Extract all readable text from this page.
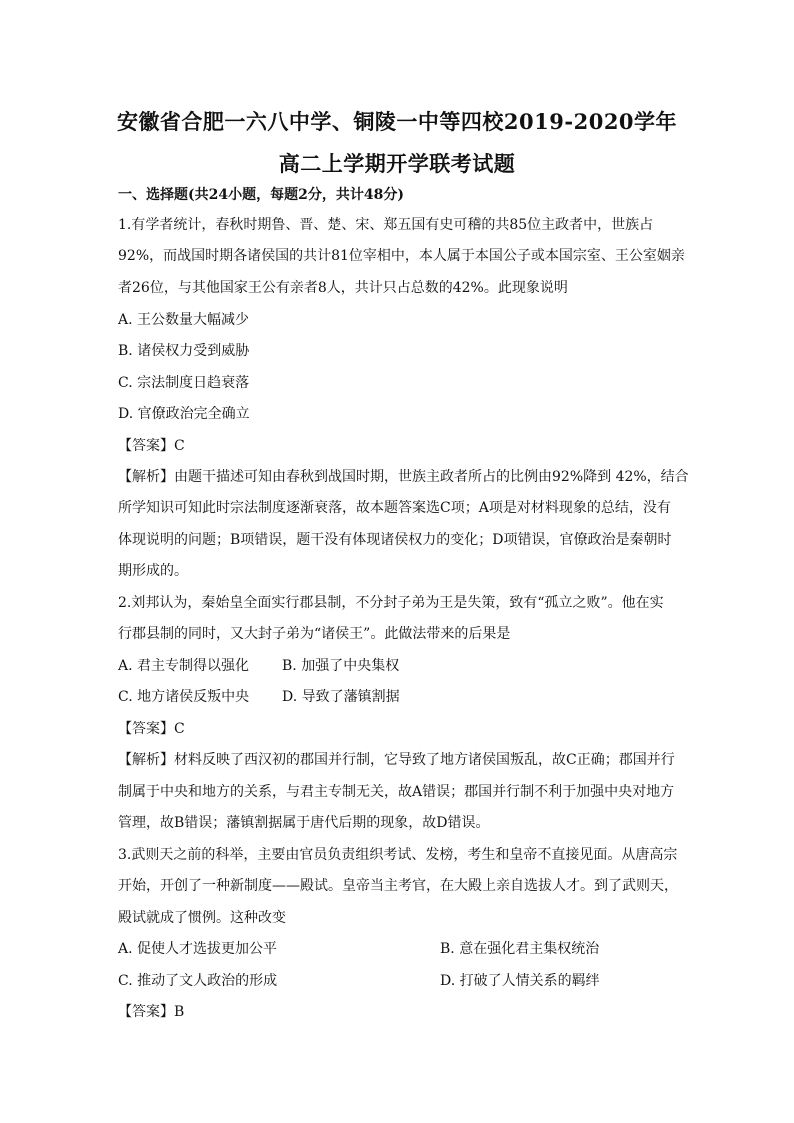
安徽省合肥一六八中学、铜陵一中等四校2019-2020学年
高二上学期开学联考试题
一、选择题(共24小题，每题2分，共计48分)
1.有学者统计，春秋时期鲁、晋、楚、宋、郑五国有史可稽的共85位主政者中，世族占
92%，而战国时期各诸侯国的共计81位宰相中，本人属于本国公子或本国宗室、王公室姻亲
者26位，与其他国家王公有亲者8人，共计只占总数的42%。此现象说明
A. 王公数量大幅减少
B. 诸侯权力受到威胁
C. 宗法制度日趋衰落
D. 官僚政治完全确立
【答案】C
【解析】由题干描述可知由春秋到战国时期，世族主政者所占的比例由92%降到 42%，结合
所学知识可知此时宗法制度逐渐衰落，故本题答案选C项；A项是对材料现象的总结，没有
体现说明的问题；B项错误，题干没有体现诸侯权力的变化；D项错误，官僚政治是秦朝时
期形成的。
2.刘邦认为，秦始皇全面实行郡县制，不分封子弟为王是失策，致有“孤立之败”。他在实
行郡县制的同时，又大封子弟为“诸侯王”。此做法带来的后果是
A. 君主专制得以强化 B. 加强了中央集权
C. 地方诸侯反叛中央 D. 导致了藩镇割据
【答案】C
【解析】材料反映了西汉初的郡国并行制，它导致了地方诸侯国叛乱，故C正确；郡国并行
制属于中央和地方的关系，与君主专制无关，故A错误；郡国并行制不利于加强中央对地方
管理，故B错误；藩镇割据属于唐代后期的现象，故D错误。
3.武则天之前的科举，主要由官员负责组织考试、发榜，考生和皇帝不直接见面。从唐高宗
开始，开创了一种新制度——殿试。皇帝当主考官，在大殿上亲自选拔人才。到了武则天，
殿试就成了惯例。这种改变
A. 促使人才选拔更加公平	B. 意在强化君主集权统治
C. 推动了文人政治的形成	D. 打破了人情关系的羁绊
【答案】B
